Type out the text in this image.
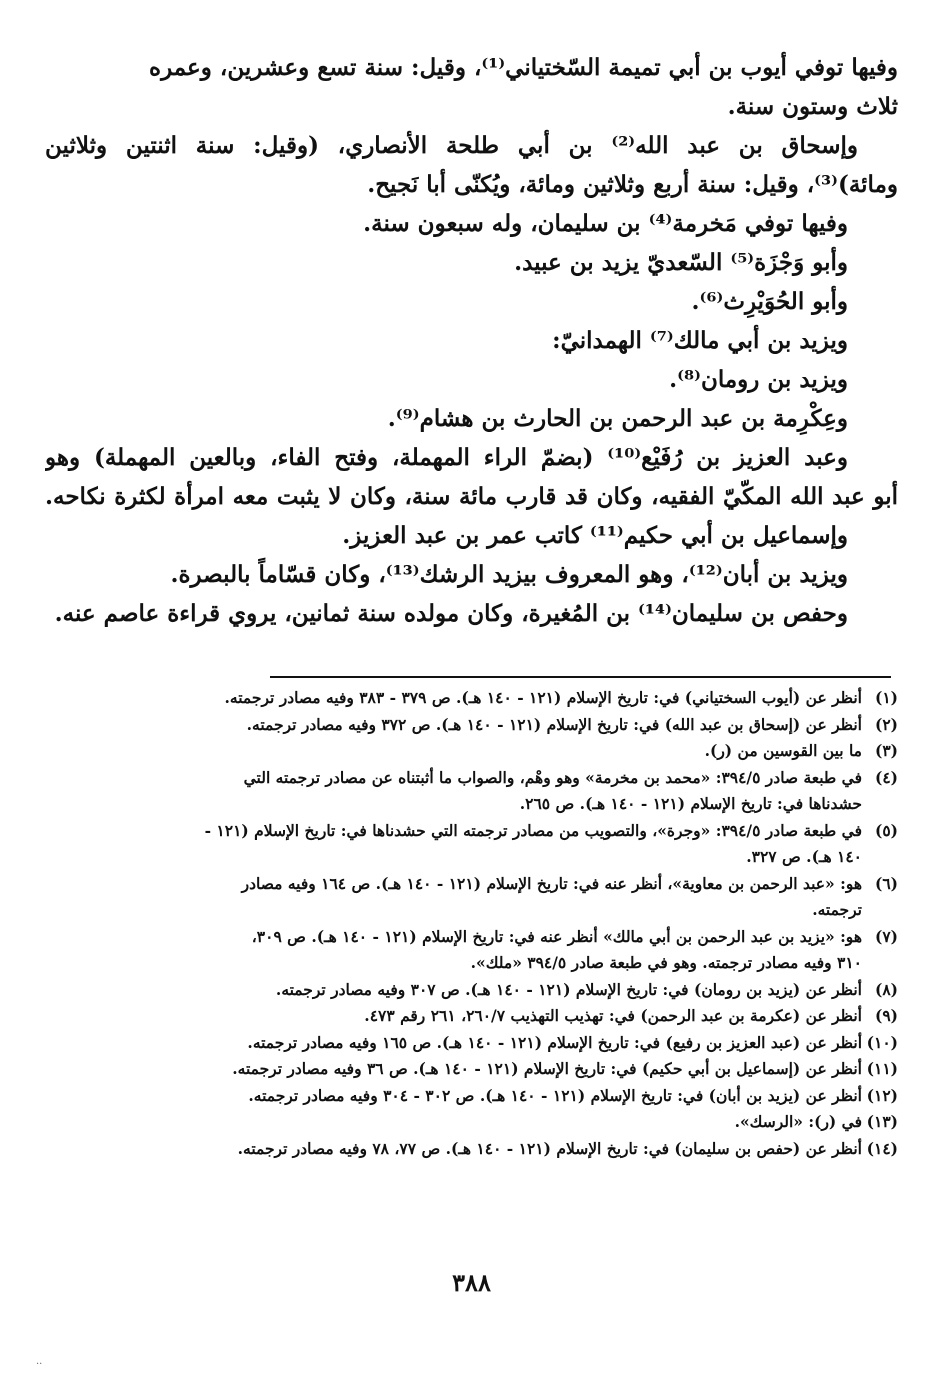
وفيها توفي أيوب بن أبي تميمة السّختياني⁽¹⁾، وقيل: سنة تسع وعشرين، وعمره
ثلاث وستون سنة.
وإسحاق بن عبد الله⁽²⁾ بن أبي طلحة الأنصاري، (وقيل: سنة اثنتين وثلاثين
ومائة)⁽³⁾، وقيل: سنة أربع وثلاثين ومائة، ويُكنّى أبا نَجيح.
وفيها توفي مَخرمة⁽⁴⁾ بن سليمان، وله سبعون سنة.
وأبو وَجْزَة⁽⁵⁾ السّعديّ يزيد بن عبيد.
وأبو الحُوَيْرِث⁽⁶⁾.
ويزيد بن أبي مالك⁽⁷⁾ الهمدانيّ:
ويزيد بن رومان⁽⁸⁾.
وعِكْرِمة بن عبد الرحمن بن الحارث بن هشام⁽⁹⁾.
وعبد العزيز بن رُفَيْع⁽¹⁰⁾ (بضمّ الراء المهملة، وفتح الفاء، وبالعين المهملة) وهو
أبو عبد الله المكّيّ الفقيه، وكان قد قارب مائة سنة، وكان لا يثبت معه امرأة لكثرة نكاحه.
وإسماعيل بن أبي حكيم⁽¹¹⁾ كاتب عمر بن عبد العزيز.
ويزيد بن أبان⁽¹²⁾، وهو المعروف بيزيد الرشك⁽¹³⁾، وكان قسّاماً بالبصرة.
وحفص بن سليمان⁽¹⁴⁾ بن المُغيرة، وكان مولده سنة ثمانين، يروي قراءة عاصم عنه.
(١)أنظر عن (أيوب السختياني) في: تاريخ الإسلام (١٢١ - ١٤٠ هـ). ص ٣٧٩ - ٣٨٣ وفيه مصادر ترجمته.
(٢)أنظر عن (إسحاق بن عبد الله) في: تاريخ الإسلام (١٢١ - ١٤٠ هـ). ص ٣٧٢ وفيه مصادر ترجمته.
(٣)ما بين القوسين من (ر).
(٤)في طبعة صادر ٣٩٤/٥: «محمد بن مخرمة» وهو وهْم، والصواب ما أثبتناه عن مصادر ترجمته التي
حشدناها في: تاريخ الإسلام (١٢١ - ١٤٠ هـ). ص ٢٦٥.
(٥)في طبعة صادر ٣٩٤/٥: «وجرة»، والتصويب من مصادر ترجمته التي حشدناها في: تاريخ الإسلام (١٢١ -
١٤٠ هـ). ص ٣٢٧.
(٦)هو: «عبد الرحمن بن معاوية»، أنظر عنه في: تاريخ الإسلام (١٢١ - ١٤٠ هـ). ص ١٦٤ وفيه مصادر
ترجمته.
(٧)هو: «يزيد بن عبد الرحمن بن أبي مالك» أنظر عنه في: تاريخ الإسلام (١٢١ - ١٤٠ هـ). ص ٣٠٩،
٣١٠ وفيه مصادر ترجمته. وهو في طبعة صادر ٣٩٤/٥ «ملك».
(٨)أنظر عن (يزيد بن رومان) في: تاريخ الإسلام (١٢١ - ١٤٠ هـ). ص ٣٠٧ وفيه مصادر ترجمته.
(٩)أنظر عن (عكرمة بن عبد الرحمن) في: تهذيب التهذيب ٢٦٠/٧، ٢٦١ رقم ٤٧٣.
(١٠)أنظر عن (عبد العزيز بن رفيع) في: تاريخ الإسلام (١٢١ - ١٤٠ هـ). ص ١٦٥ وفيه مصادر ترجمته.
(١١)أنظر عن (إسماعيل بن أبي حكيم) في: تاريخ الإسلام (١٢١ - ١٤٠ هـ). ص ٣٦ وفيه مصادر ترجمته.
(١٢)أنظر عن (يزيد بن أبان) في: تاريخ الإسلام (١٢١ - ١٤٠ هـ). ص ٣٠٢ - ٣٠٤ وفيه مصادر ترجمته.
(١٣)في (ر): «الرسك».
(١٤)أنظر عن (حفص بن سليمان) في: تاريخ الإسلام (١٢١ - ١٤٠ هـ). ص ٧٧، ٧٨ وفيه مصادر ترجمته.
٣٨٨
..
